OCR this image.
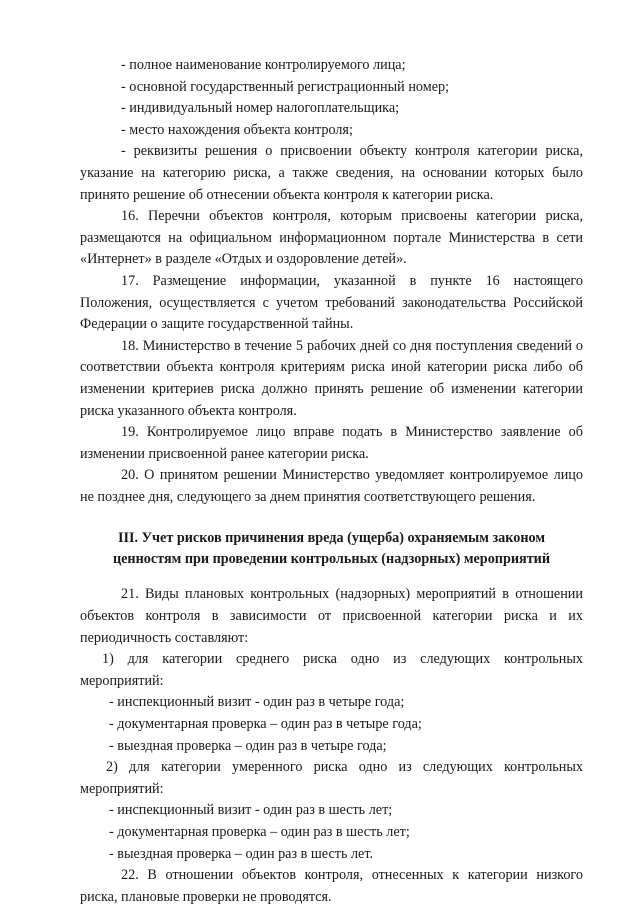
- полное наименование контролируемого лица;

- основной государственный регистрационный номер;

- индивидуальный номер налогоплательщика;

- место нахождения объекта контроля;

- реквизиты решения о присвоении объекту контроля категории риска, указание на категорию риска, а также сведения, на основании которых было принято решение об отнесении объекта контроля к категории риска.

16. Перечни объектов контроля, которым присвоены категории риска, размещаются на официальном информационном портале Министерства в сети «Интернет» в разделе «Отдых и оздоровление детей».

17. Размещение информации, указанной в пункте 16 настоящего Положения, осуществляется с учетом требований законодательства Российской Федерации о защите государственной тайны.

18. Министерство в течение 5 рабочих дней со дня поступления сведений о соответствии объекта контроля критериям риска иной категории риска либо об изменении критериев риска должно принять решение об изменении категории риска указанного объекта контроля.

19. Контролируемое лицо вправе подать в Министерство заявление об изменении присвоенной ранее категории риска.

20. О принятом решении Министерство уведомляет контролируемое лицо не позднее дня, следующего за днем принятия соответствующего решения.

III. Учет рисков причинения вреда (ущерба) охраняемым законом
ценностям при проведении контрольных (надзорных) мероприятий

21. Виды плановых контрольных (надзорных) мероприятий в отношении объектов контроля в зависимости от присвоенной категории риска и их периодичность составляют:

1) для категории среднего риска одно из следующих контрольных мероприятий:

- инспекционный визит - один раз в четыре года;

- документарная проверка – один раз в четыре года;

- выездная проверка – один раз в четыре года;

2) для категории умеренного риска одно из следующих контрольных мероприятий:

- инспекционный визит - один раз в шесть лет;

- документарная проверка – один раз в шесть лет;

- выездная проверка – один раз в шесть лет.

22. В отношении объектов контроля, отнесенных к категории низкого риска, плановые проверки не проводятся.
